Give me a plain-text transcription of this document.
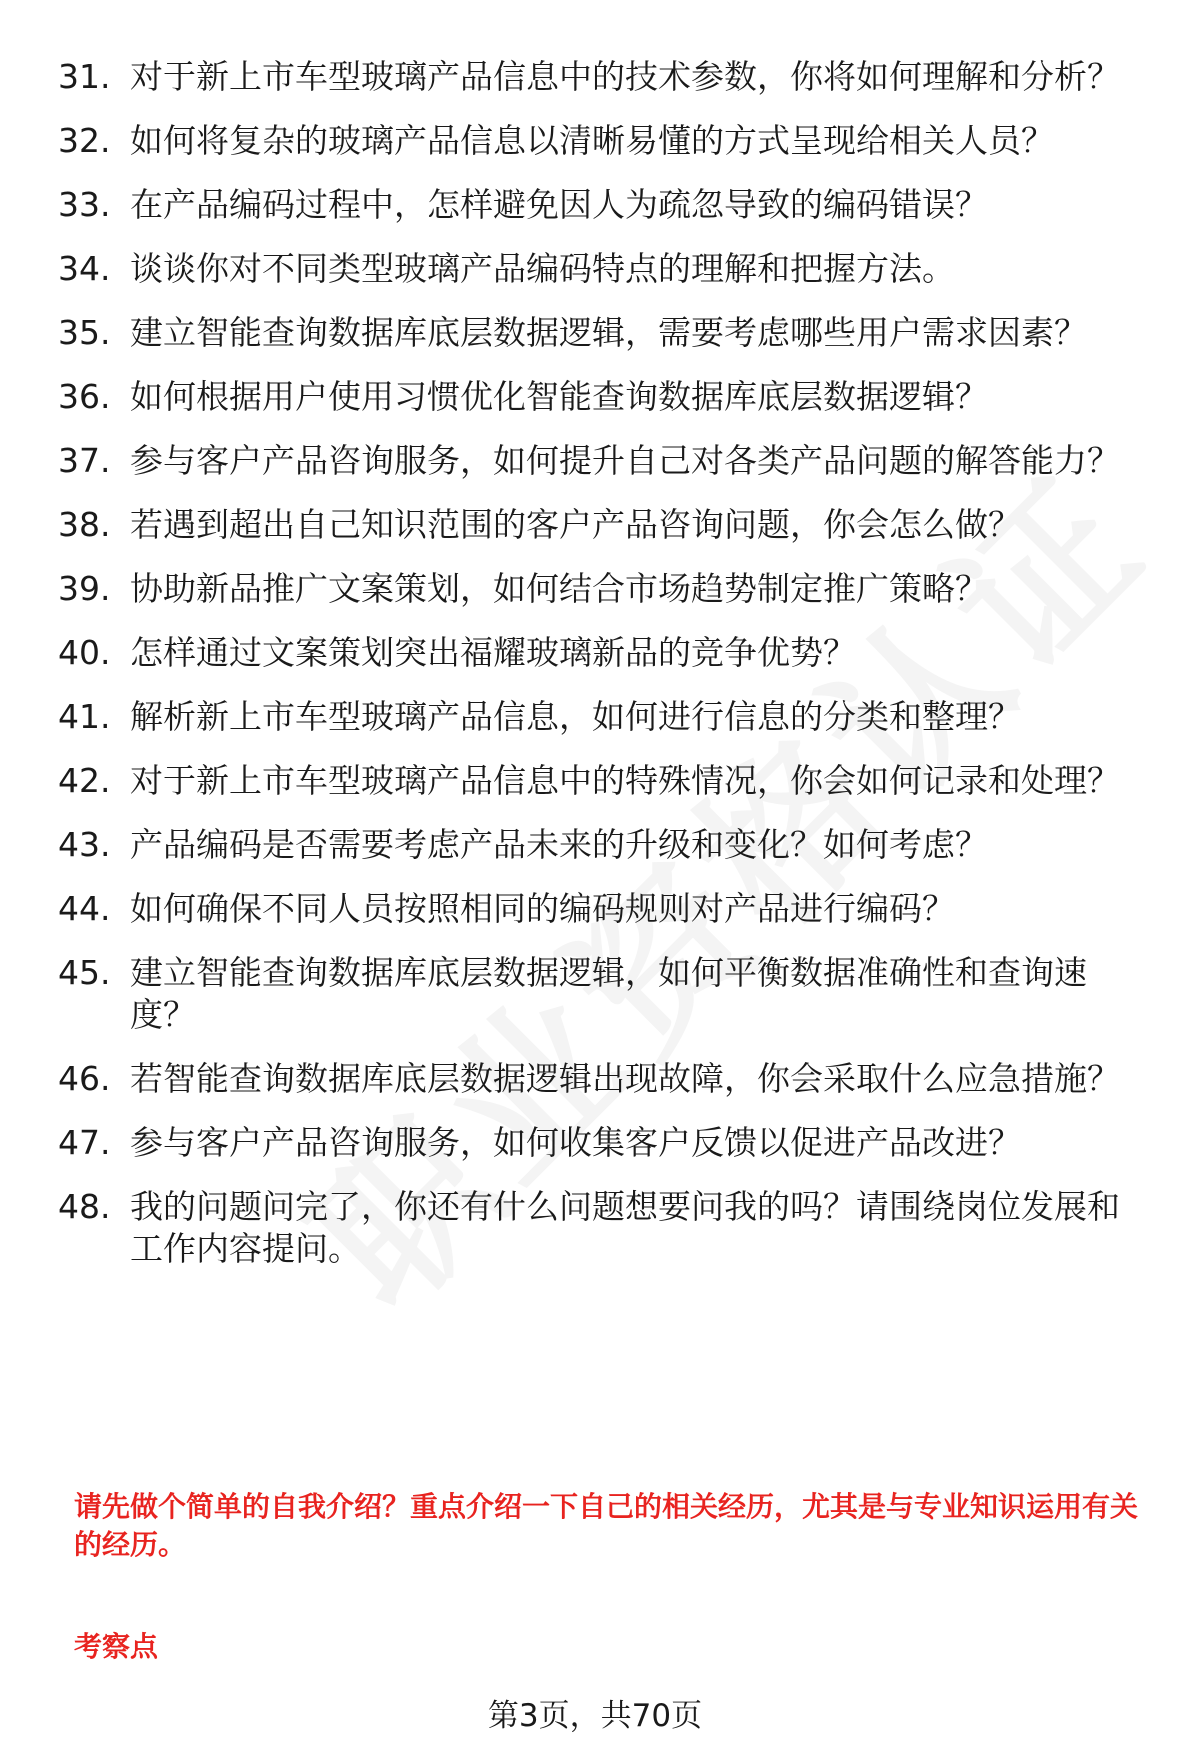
31. 对于新上市车型玻璃产品信息中的技术参数，你将如何理解和分析？
32. 如何将复杂的玻璃产品信息以清晰易懂的方式呈现给相关人员？
33. 在产品编码过程中，怎样避免因人为疏忽导致的编码错误？
34. 谈谈你对不同类型玻璃产品编码特点的理解和把握方法。
35. 建立智能查询数据库底层数据逻辑，需要考虑哪些用户需求因素？
36. 如何根据用户使用习惯优化智能查询数据库底层数据逻辑？
37. 参与客户产品咨询服务，如何提升自己对各类产品问题的解答能力？
38. 若遇到超出自己知识范围的客户产品咨询问题，你会怎么做？
39. 协助新品推广文案策划，如何结合市场趋势制定推广策略？
40. 怎样通过文案策划突出福耀玻璃新品的竞争优势？
41. 解析新上市车型玻璃产品信息，如何进行信息的分类和整理？
42. 对于新上市车型玻璃产品信息中的特殊情况，你会如何记录和处理？
43. 产品编码是否需要考虑产品未来的升级和变化？如何考虑？
44. 如何确保不同人员按照相同的编码规则对产品进行编码？
45. 建立智能查询数据库底层数据逻辑，如何平衡数据准确性和查询速度？
46. 若智能查询数据库底层数据逻辑出现故障，你会采取什么应急措施？
47. 参与客户产品咨询服务，如何收集客户反馈以促进产品改进？
48. 我的问题问完了，你还有什么问题想要问我的吗？请围绕岗位发展和工作内容提问。
请先做个简单的自我介绍？重点介绍一下自己的相关经历，尤其是与专业知识运用有关的经历。
考察点
第3页，共70页
